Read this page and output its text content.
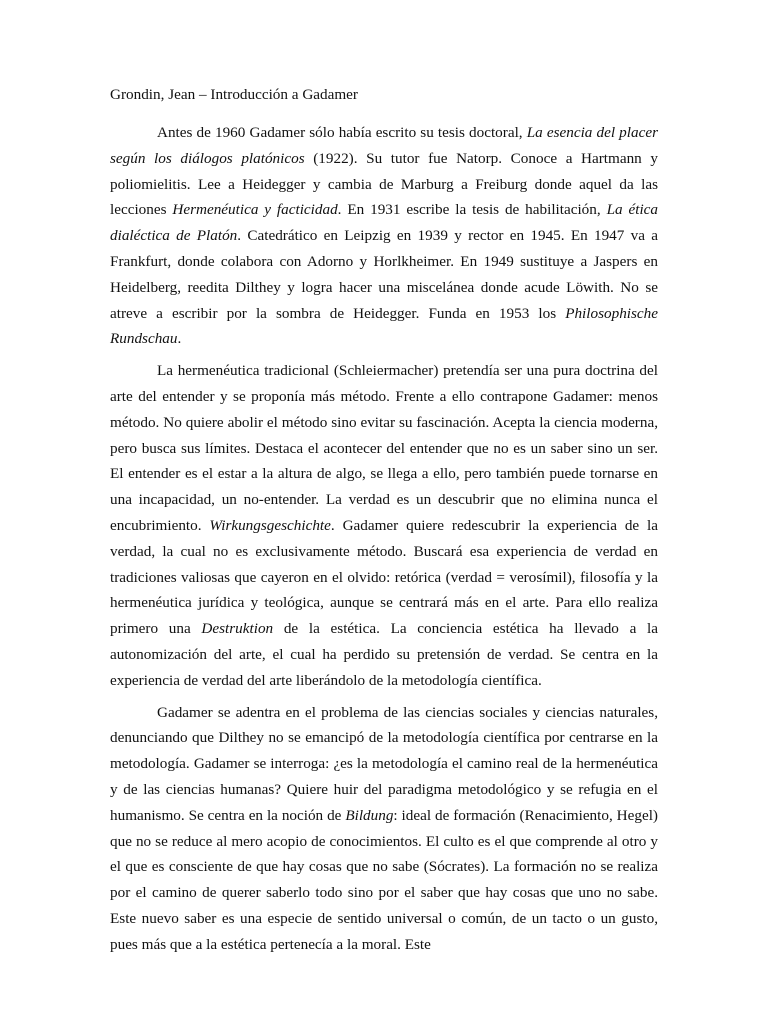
Grondin, Jean – Introducción a Gadamer

Antes de 1960 Gadamer sólo había escrito su tesis doctoral, La esencia del placer según los diálogos platónicos (1922). Su tutor fue Natorp. Conoce a Hartmann y poliomielitis. Lee a Heidegger y cambia de Marburg a Freiburg donde aquel da las lecciones Hermenéutica y facticidad. En 1931 escribe la tesis de habilitación, La ética dialéctica de Platón. Catedrático en Leipzig en 1939 y rector en 1945. En 1947 va a Frankfurt, donde colabora con Adorno y Horlkheimer. En 1949 sustituye a Jaspers en Heidelberg, reedita Dilthey y logra hacer una miscelánea donde acude Löwith. No se atreve a escribir por la sombra de Heidegger. Funda en 1953 los Philosophische Rundschau.

La hermenéutica tradicional (Schleiermacher) pretendía ser una pura doctrina del arte del entender y se proponía más método. Frente a ello contrapone Gadamer: menos método. No quiere abolir el método sino evitar su fascinación. Acepta la ciencia moderna, pero busca sus límites. Destaca el acontecer del entender que no es un saber sino un ser. El entender es el estar a la altura de algo, se llega a ello, pero también puede tornarse en una incapacidad, un no-entender. La verdad es un descubrir que no elimina nunca el encubrimiento. Wirkungsgeschichte. Gadamer quiere redescubrir la experiencia de la verdad, la cual no es exclusivamente método. Buscará esa experiencia de verdad en tradiciones valiosas que cayeron en el olvido: retórica (verdad = verosímil), filosofía y la hermenéutica jurídica y teológica, aunque se centrará más en el arte. Para ello realiza primero una Destruktion de la estética. La conciencia estética ha llevado a la autonomización del arte, el cual ha perdido su pretensión de verdad. Se centra en la experiencia de verdad del arte liberándolo de la metodología científica.

Gadamer se adentra en el problema de las ciencias sociales y ciencias naturales, denunciando que Dilthey no se emancipó de la metodología científica por centrarse en la metodología. Gadamer se interroga: ¿es la metodología el camino real de la hermenéutica y de las ciencias humanas? Quiere huir del paradigma metodológico y se refugia en el humanismo. Se centra en la noción de Bildung: ideal de formación (Renacimiento, Hegel) que no se reduce al mero acopio de conocimientos. El culto es el que comprende al otro y el que es consciente de que hay cosas que no sabe (Sócrates). La formación no se realiza por el camino de querer saberlo todo sino por el saber que hay cosas que uno no sabe. Este nuevo saber es una especie de sentido universal o común, de un tacto o un gusto, pues más que a la estética pertenecía a la moral. Este
